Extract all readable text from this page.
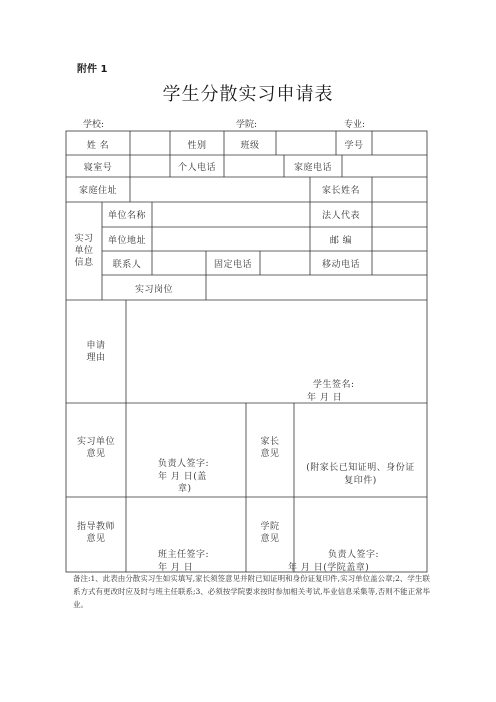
附件 1
学生分散实习申请表
学校:	学院:	专业:
姓 名	性别	班级	学号
寝室号	个人电话	家庭电话
家庭住址	家长姓名
实习
单位
信息
单位名称	法人代表
单位地址	邮 编
联系人	固定电话	移动电话
实习岗位
申请
理由
学生签名:
年 月 日
实习单位
意见
负责人签字:
年 月 日(盖
章)
家长
意见
(附家长已知证明、身份证
复印件)
指导教师
意见
班主任签字:
年 月 日
学院
意见
负责人签字:
年 月 日(学院盖章)
备注:1、此表由分散实习生如实填写,家长须签意见并附已知证明和身份证复印件,实习单位盖公章;2、学生联系方式有更改时应及时与班主任联系;3、必须按学院要求按时参加相关考试,毕业信息采集等,否则不能正常毕业。
